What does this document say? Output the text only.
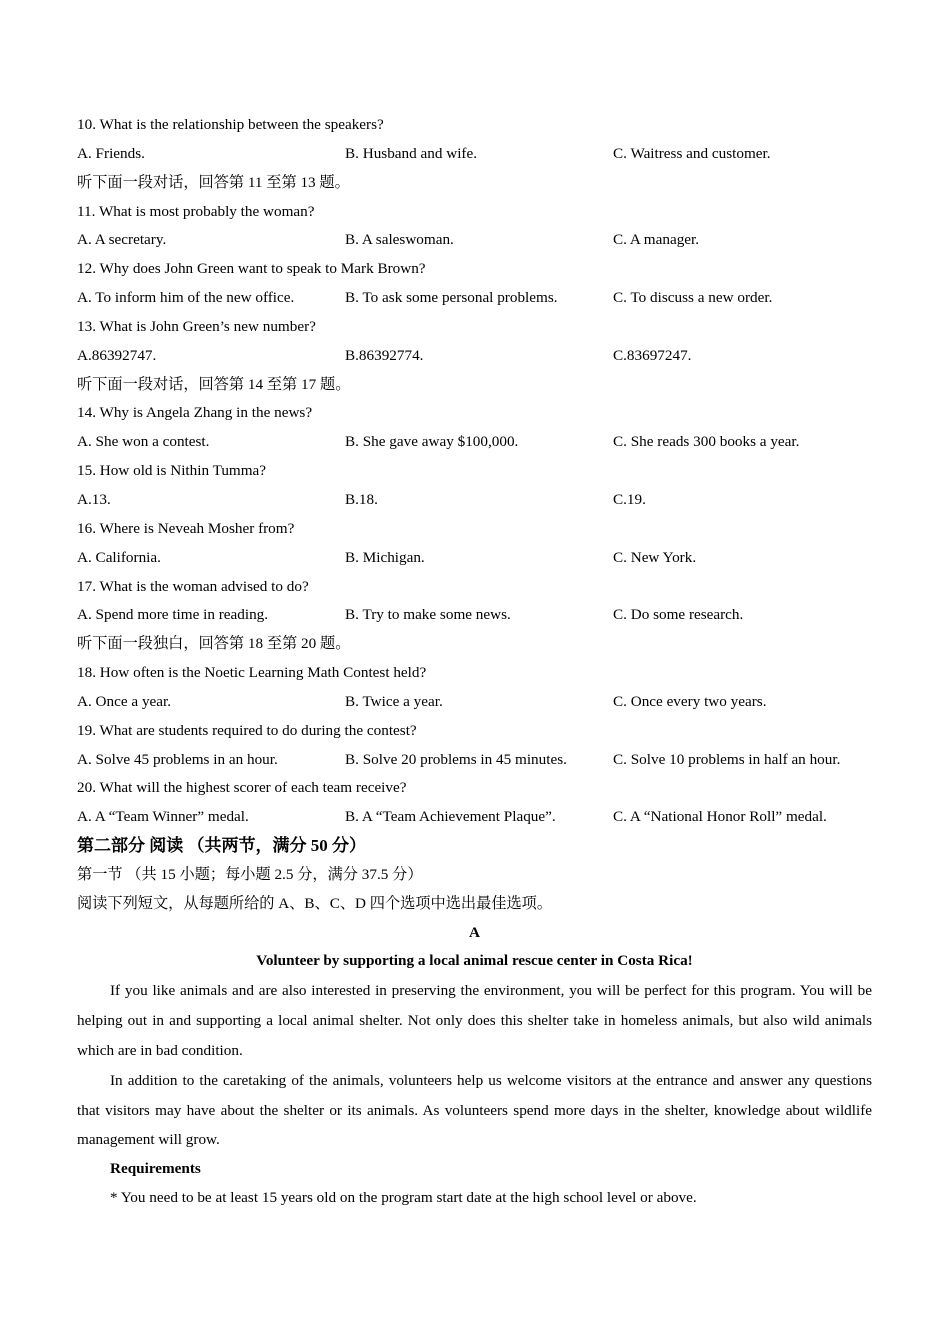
10. What is the relationship between the speakers?
A. Friends.	B. Husband and wife.	C. Waitress and customer.
听下面一段对话，回答第 11 至第 13 题。
11. What is most probably the woman?
A. A secretary.	B. A saleswoman.	C. A manager.
12. Why does John Green want to speak to Mark Brown?
A. To inform him of the new office.	B. To ask some personal problems.	C. To discuss a new order.
13. What is John Green’s new number?
A.86392747.	B.86392774.	C.83697247.
听下面一段对话，回答第 14 至第 17 题。
14. Why is Angela Zhang in the news?
A. She won a contest.	B. She gave away $100,000.	C. She reads 300 books a year.
15. How old is Nithin Tumma?
A.13.	B.18.	C.19.
16. Where is Neveah Mosher from?
A. California.	B. Michigan.	C. New York.
17. What is the woman advised to do?
A. Spend more time in reading.	B. Try to make some news.	C. Do some research.
听下面一段独白，回答第 18 至第 20 题。
18. How often is the Noetic Learning Math Contest held?
A. Once a year.	B. Twice a year.	C. Once every two years.
19. What are students required to do during the contest?
A. Solve 45 problems in an hour.	B. Solve 20 problems in 45 minutes.	C. Solve 10 problems in half an hour.
20. What will the highest scorer of each team receive?
A. A “Team Winner” medal.	B. A “Team Achievement Plaque”.	C. A “National Honor Roll” medal.
第二部分 阅读 （共两节，满分 50 分）
第一节 （共 15 小题；每小题 2.5 分，满分 37.5 分）
阅读下列短文，从每题所给的 A、B、C、D 四个选项中选出最佳选项。
A
Volunteer by supporting a local animal rescue center in Costa Rica!

If you like animals and are also interested in preserving the environment, you will be perfect for this program. You will be helping out in and supporting a local animal shelter. Not only does this shelter take in homeless animals, but also wild animals which are in bad condition.

In addition to the caretaking of the animals, volunteers help us welcome visitors at the entrance and answer any questions that visitors may have about the shelter or its animals. As volunteers spend more days in the shelter, knowledge about wildlife management will grow.

Requirements
* You need to be at least 15 years old on the program start date at the high school level or above.
